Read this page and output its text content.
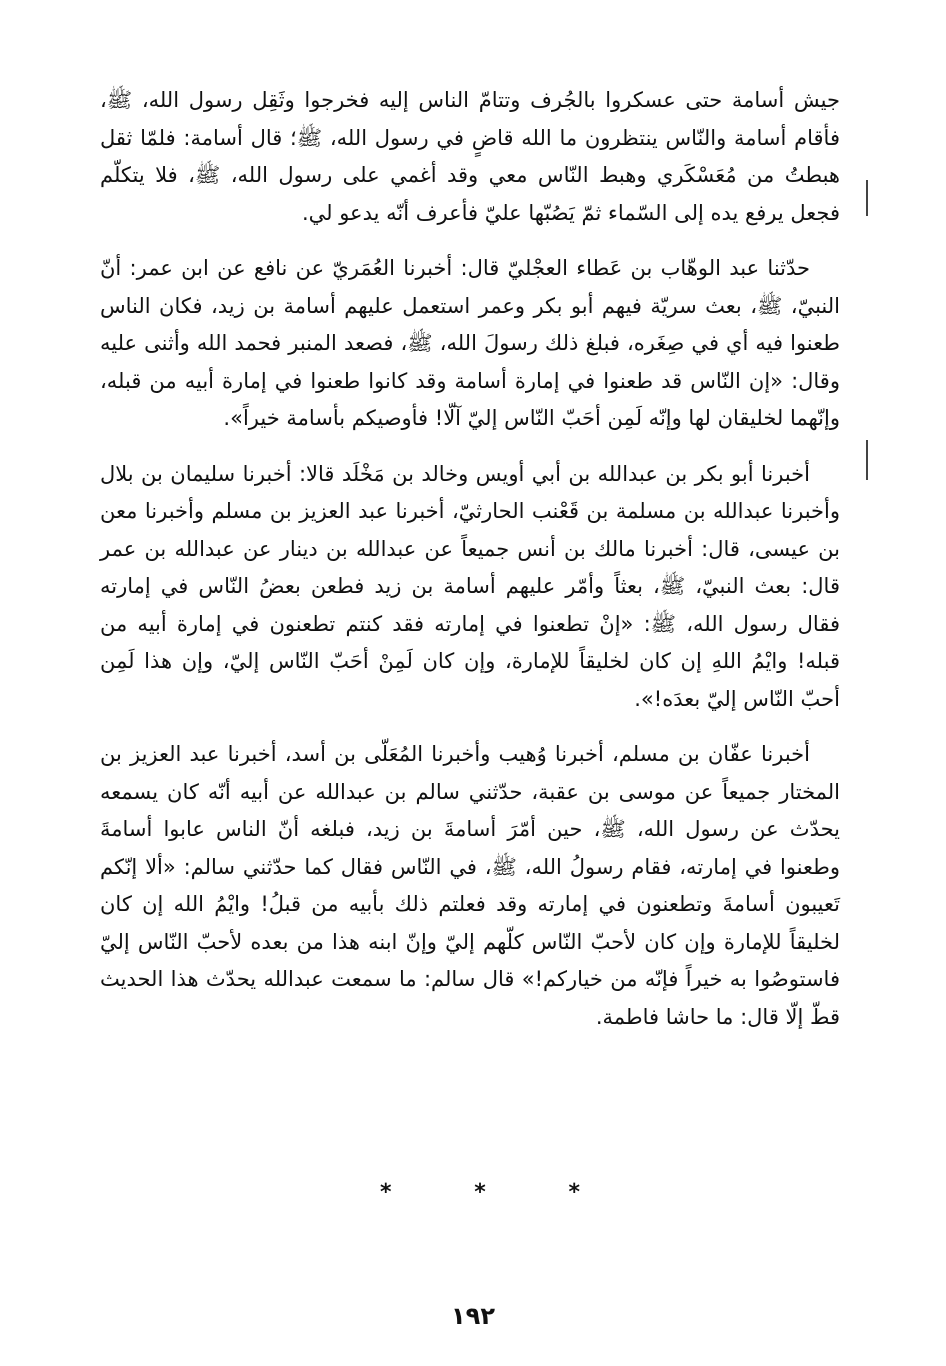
جيش أسامة حتى عسكروا بالجُرف وتتامّ الناس إليه فخرجوا وثَقِل رسول الله، ﷺ، فأقام أسامة والنّاس ينتظرون ما الله قاضٍ في رسول الله، ﷺ؛ قال أسامة: فلمّا ثقل هبطتُ من مُعَسْكَري وهبط النّاس معي وقد أغمي على رسول الله، ﷺ، فلا يتكلّم فجعل يرفع يده إلى السّماء ثمّ يَصُبّها عليّ فأعرف أنّه يدعو لي.

حدّثنا عبد الوهّاب بن عَطاء العجْليّ قال: أخبرنا العُمَريّ عن نافع عن ابن عمر: أنّ النبيّ، ﷺ، بعث سريّة فيهم أبو بكر وعمر استعمل عليهم أسامة بن زيد، فكان الناس طعنوا فيه أي في صِغَره، فبلغ ذلك رسولَ الله، ﷺ، فصعد المنبر فحمد الله وأثنى عليه وقال: «إن النّاس قد طعنوا في إمارة أسامة وقد كانوا طعنوا في إمارة أبيه من قبله، وإنّهما لخليقان لها وإنّه لَمِن أحَبّ النّاس إليّ آلّا! فأوصيكم بأسامة خيراً».

أخبرنا أبو بكر بن عبدالله بن أبي أويس وخالد بن مَخْلَد قالا: أخبرنا سليمان بن بلال وأخبرنا عبدالله بن مسلمة بن قَعْنب الحارثيّ، أخبرنا عبد العزيز بن مسلم وأخبرنا معن بن عيسى، قال: أخبرنا مالك بن أنس جميعاً عن عبدالله بن دينار عن عبدالله بن عمر قال: بعث النبيّ، ﷺ، بعثاً وأمّر عليهم أسامة بن زيد فطعن بعضُ النّاس في إمارته فقال رسول الله، ﷺ: «إنْ تطعنوا في إمارته فقد كنتم تطعنون في إمارة أبيه من قبله! وايْمُ اللهِ إن كان لخليقاً للإمارة، وإن كان لَمِنْ أحَبّ النّاس إليّ، وإن هذا لَمِن أحبّ النّاس إليّ بعدَه!».

أخبرنا عفّان بن مسلم، أخبرنا وُهيب وأخبرنا المُعَلّى بن أسد، أخبرنا عبد العزيز بن المختار جميعاً عن موسى بن عقبة، حدّثني سالم بن عبدالله عن أبيه أنّه كان يسمعه يحدّث عن رسول الله، ﷺ، حين أمّرَ أسامةَ بن زيد، فبلغه أنّ الناس عابوا أسامةَ وطعنوا في إمارته، فقام رسولُ الله، ﷺ، في النّاس فقال كما حدّثني سالم: «ألا إنّكم تَعيبون أسامةَ وتطعنون في إمارته وقد فعلتم ذلك بأبيه من قبلُ! وايْمُ الله إن كان لخليقاً للإمارة وإن كان لأحبّ النّاس كلّهم إليّ وإنّ ابنه هذا من بعده لأحبّ النّاس إليّ فاستوصُوا به خيراً فإنّه من خياركم!» قال سالم: ما سمعت عبدالله يحدّث هذا الحديث قطّ إلّا قال: ما حاشا فاطمة.

*	*	*
١٩٢
